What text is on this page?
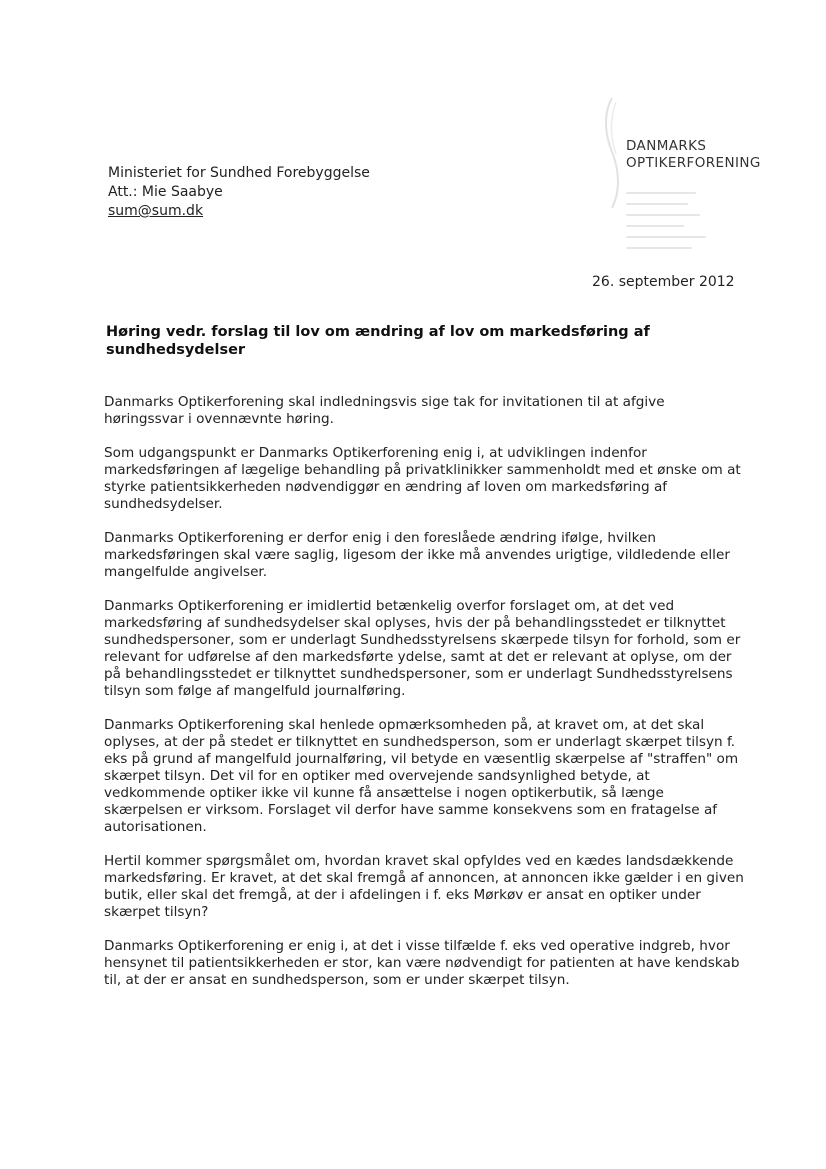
DANMARKS
OPTIKERFORENING
Ministeriet for Sundhed Forebyggelse
Att.: Mie Saabye
sum@sum.dk
26. september 2012
Høring vedr. forslag til lov om ændring af lov om markedsføring af sundhedsydelser

Danmarks Optikerforening skal indledningsvis sige tak for invitationen til at afgive høringssvar i ovennævnte høring.

Som udgangspunkt er Danmarks Optikerforening enig i, at udviklingen indenfor markedsføringen af lægelige behandling på privatklinikker sammenholdt med et ønske om at styrke patientsikkerheden nødvendiggør en ændring af loven om markedsføring af sundhedsydelser.

Danmarks Optikerforening er derfor enig i den foreslåede ændring ifølge, hvilken markedsføringen skal være saglig, ligesom der ikke må anvendes urigtige, vildledende eller mangelfulde angivelser.

Danmarks Optikerforening er imidlertid betænkelig overfor forslaget om, at det ved markedsføring af sundhedsydelser skal oplyses, hvis der på behandlingsstedet er tilknyttet sundhedspersoner, som er underlagt Sundhedsstyrelsens skærpede tilsyn for forhold, som er relevant for udførelse af den markedsførte ydelse, samt at det er relevant at oplyse, om der på behandlingsstedet er tilknyttet sundhedspersoner, som er underlagt Sundhedsstyrelsens tilsyn som følge af mangelfuld journalføring.

Danmarks Optikerforening skal henlede opmærksomheden på, at kravet om, at det skal oplyses, at der på stedet er tilknyttet en sundhedsperson, som er underlagt skærpet tilsyn f. eks på grund af mangelfuld journalføring, vil betyde en væsentlig skærpelse af "straffen" om skærpet tilsyn. Det vil for en optiker med overvejende sandsynlighed betyde, at vedkommende optiker ikke vil kunne få ansættelse i nogen optikerbutik, så længe skærpelsen er virksom. Forslaget vil derfor have samme konsekvens som en fratagelse af autorisationen.

Hertil kommer spørgsmålet om, hvordan kravet skal opfyldes ved en kædes landsdækkende markedsføring. Er kravet, at det skal fremgå af annoncen, at annoncen ikke gælder i en given butik, eller skal det fremgå, at der i afdelingen i f. eks Mørkøv er ansat en optiker under skærpet tilsyn?

Danmarks Optikerforening er enig i, at det i visse tilfælde f. eks ved operative indgreb, hvor hensynet til patientsikkerheden er stor, kan være nødvendigt for patienten at have kendskab til, at der er ansat en sundhedsperson, som er under skærpet tilsyn.
